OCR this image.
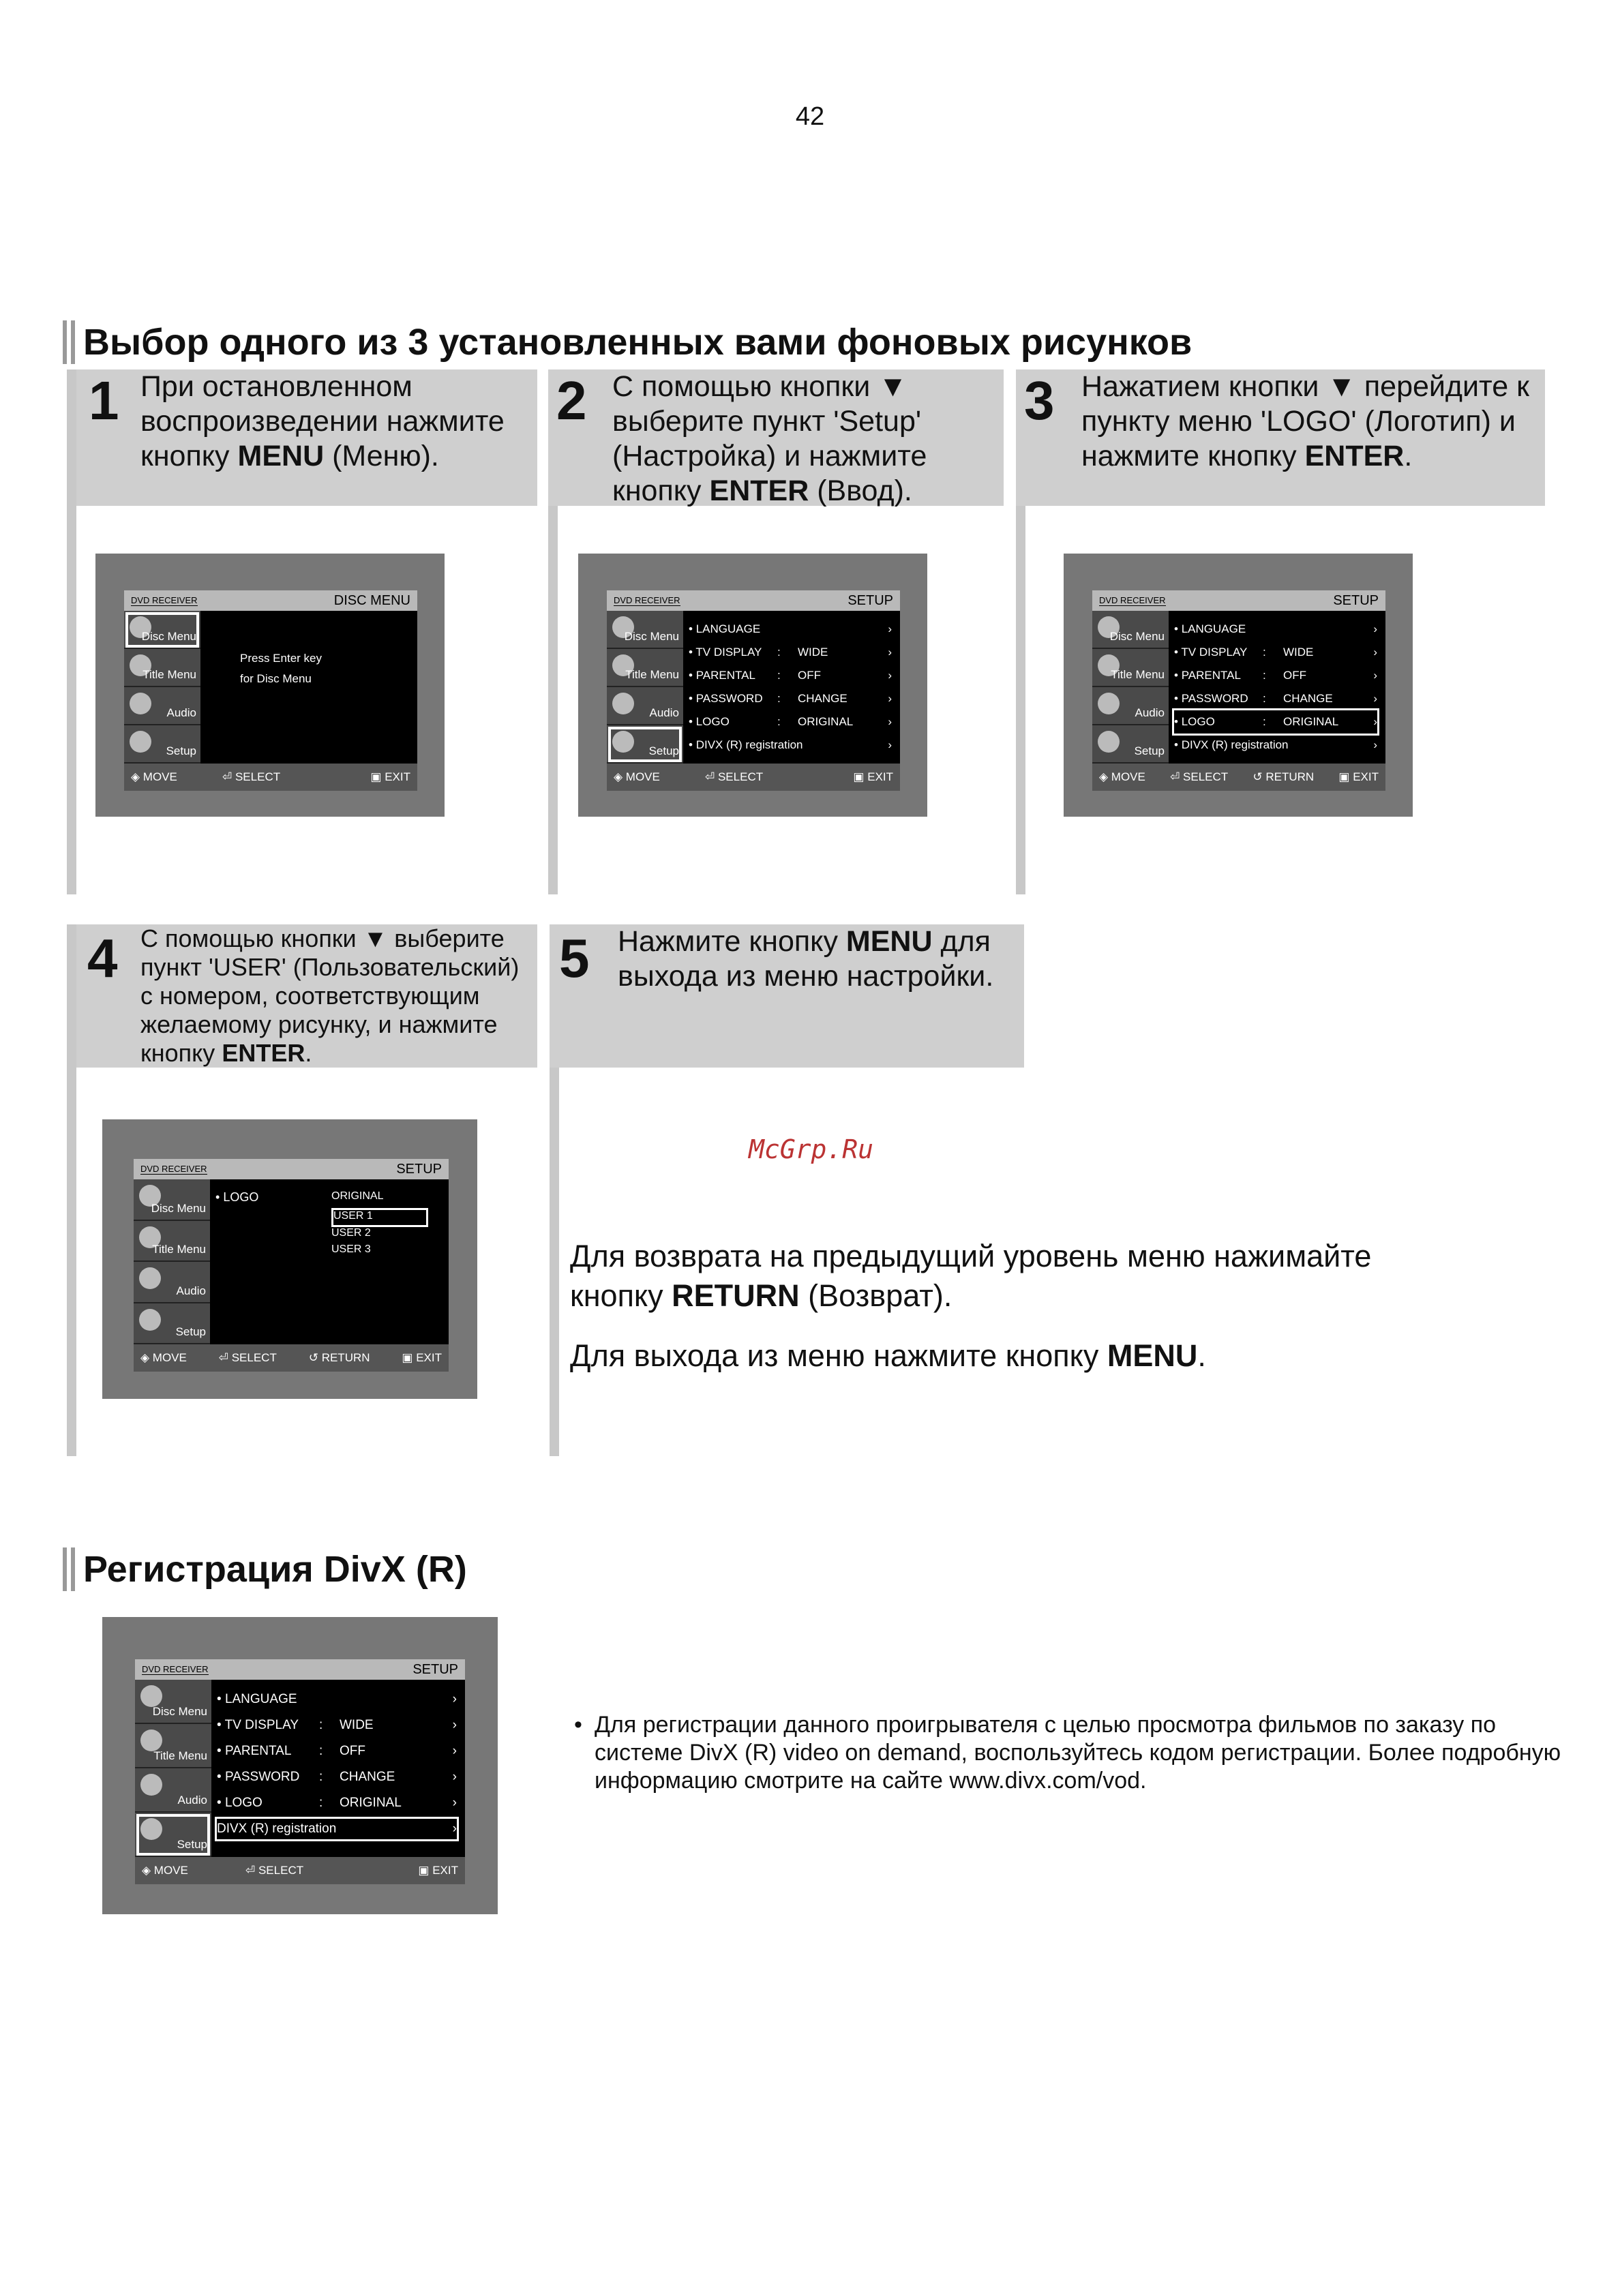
42
Выбор одного из 3 установленных вами фоновых рисунков
1 При остановленном воспроизведении нажмите кнопку MENU (Меню).
2 С помощью кнопки ▼ выберите пункт 'Setup' (Настройка) и нажмите кнопку ENTER (Ввод).
3 Нажатием кнопки ▼ перейдите к пункту меню 'LOGO' (Логотип) и нажмите кнопку ENTER.
DVD RECEIVER	DISC MENU
Disc Menu
Title Menu
Audio
Setup
Press Enter key
for Disc Menu
◈ MOVE	⏎ SELECT	▣ EXIT
DVD RECEIVER	SETUP
Disc Menu
Title Menu
Audio
Setup
• LANGUAGE	›
• TV DISPLAY	:	WIDE	›
• PARENTAL	:	OFF	›
• PASSWORD	:	CHANGE	›
• LOGO	:	ORIGINAL	›
• DIVX (R) registration	›
◈ MOVE	⏎ SELECT	▣ EXIT
DVD RECEIVER	SETUP
Disc Menu
Title Menu
Audio
Setup
• LANGUAGE	›
• TV DISPLAY	:	WIDE	›
• PARENTAL	:	OFF	›
• PASSWORD	:	CHANGE	›
• LOGO	:	ORIGINAL	›
• DIVX (R) registration	›
◈ MOVE ⏎ SELECT ↺ RETURN ▣ EXIT
4 С помощью кнопки ▼ выберите пункт 'USER' (Пользовательский) с номером, соответствующим желаемому рисунку, и нажмите кнопку ENTER.
5 Нажмите кнопку MENU для выхода из меню настройки.
DVD RECEIVER	SETUP
Disc Menu
Title Menu
Audio
Setup
• LOGO	ORIGINAL
USER 1
USER 2
USER 3
◈ MOVE	⏎ SELECT	↺ RETURN	▣ EXIT
McGrp.Ru
Для возврата на предыдущий уровень меню нажимайте кнопку RETURN (Возврат).
Для выхода из меню нажмите кнопку MENU.
Регистрация DivX (R)
DVD RECEIVER	SETUP
Disc Menu
Title Menu
Audio
Setup
• LANGUAGE	›
• TV DISPLAY	:	WIDE	›
• PARENTAL	:	OFF	›
• PASSWORD	:	CHANGE	›
• LOGO	:	ORIGINAL	›
DIVX (R) registration	›
◈ MOVE	⏎ SELECT	▣ EXIT
• Для регистрации данного проигрывателя с целью просмотра фильмов по заказу по системе DivX (R) video on demand, воспользуйтесь кодом регистрации. Более подробную информацию смотрите на сайте www.divx.com/vod.
